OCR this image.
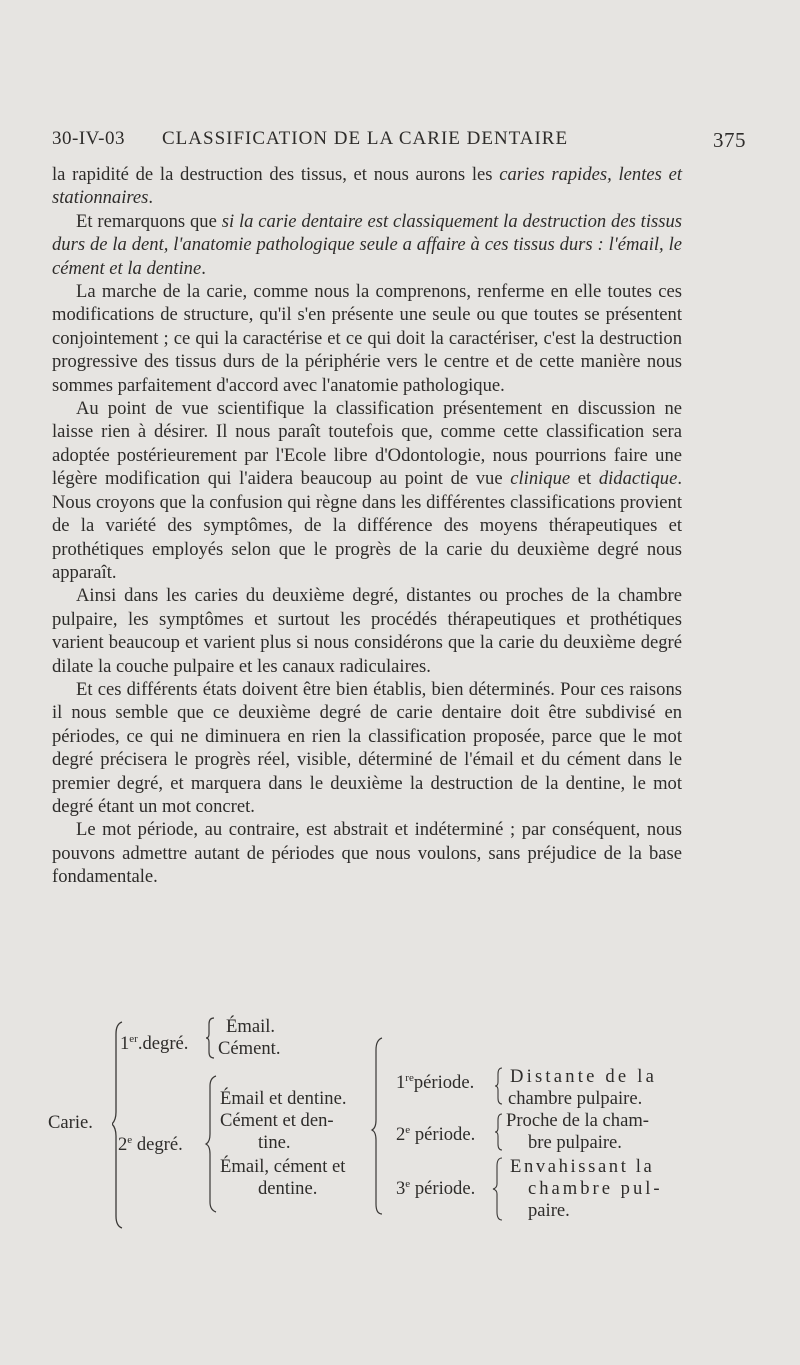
30-IV-03 CLASSIFICATION DE LA CARIE DENTAIRE	375

la rapidité de la destruction des tissus, et nous aurons les caries rapides, lentes et stationnaires.

Et remarquons que si la carie dentaire est classiquement la destruction des tissus durs de la dent, l'anatomie pathologique seule a affaire à ces tissus durs : l'émail, le cément et la dentine.

La marche de la carie, comme nous la comprenons, renferme en elle toutes ces modifications de structure, qu'il s'en présente une seule ou que toutes se présentent conjointement ; ce qui la caractérise et ce qui doit la caractériser, c'est la destruction progressive des tissus durs de la périphérie vers le centre et de cette manière nous sommes parfaitement d'accord avec l'anatomie pathologique.

Au point de vue scientifique la classification présentement en discussion ne laisse rien à désirer. Il nous paraît toutefois que, comme cette classification sera adoptée postérieurement par l'Ecole libre d'Odontologie, nous pourrions faire une légère modification qui l'aidera beaucoup au point de vue clinique et didactique. Nous croyons que la confusion qui règne dans les différentes classifications provient de la variété des symptômes, de la différence des moyens thérapeutiques et prothétiques employés selon que le progrès de la carie du deuxième degré nous apparaît.

Ainsi dans les caries du deuxième degré, distantes ou proches de la chambre pulpaire, les symptômes et surtout les procédés thérapeutiques et prothétiques varient beaucoup et varient plus si nous considérons que la carie du deuxième degré dilate la couche pulpaire et les canaux radiculaires.

Et ces différents états doivent être bien établis, bien déterminés. Pour ces raisons il nous semble que ce deuxième degré de carie dentaire doit être subdivisé en périodes, ce qui ne diminuera en rien la classification proposée, parce que le mot degré précisera le progrès réel, visible, déterminé de l'émail et du cément dans le premier degré, et marquera dans le deuxième la destruction de la dentine, le mot degré étant un mot concret.

Le mot période, au contraire, est abstrait et indéterminé ; par conséquent, nous pouvons admettre autant de périodes que nous voulons, sans préjudice de la base fondamentale.

Carie.
1er.degré.
Émail.
Cément.
2e degré.
Émail et dentine.
Cément et den-
tine.
Émail, cément et
dentine.
1repériode. Distante de la
chambre pulpaire.
2e période.
Proche de la cham-
bre pulpaire.
3e période.
Envahissant la
chambre pul-
paire.
